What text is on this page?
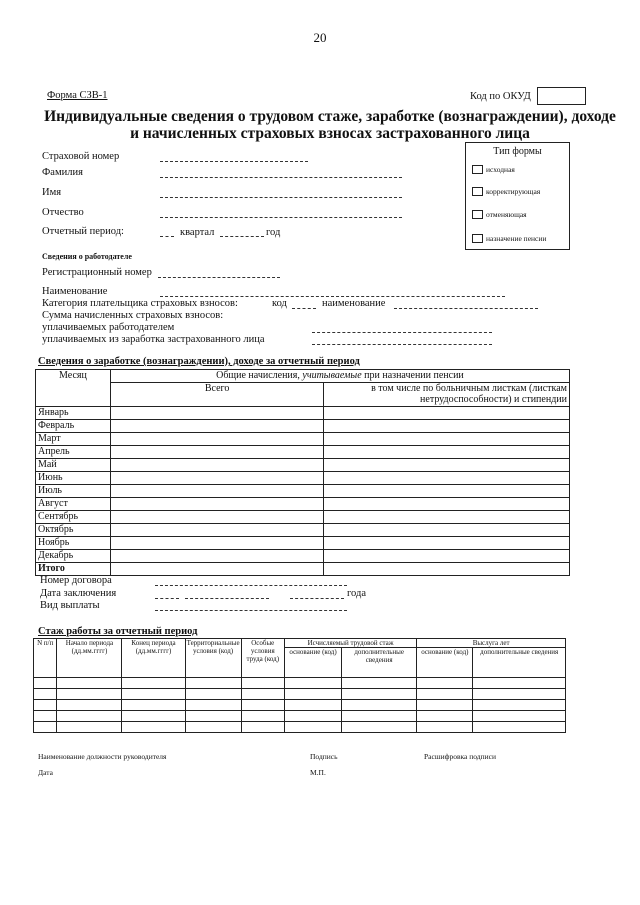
20
Форма СЗВ-1	Код по ОКУД
Индивидуальные сведения о трудовом стаже, заработке (вознаграждении), доходе
и начисленных страховых взносах застрахованного лица
Страховой номер
Фамилия
Имя
Отчество
Отчетный период:	квартал	год
Тип формы
исходная
корректирующая
отменяющая
назначение пенсии
Сведения о работодателе
Регистрационный номер
Наименование
Категория плательщика страховых взносов:	код	наименование
Сумма начисленных страховых взносов:
уплачиваемых работодателем
уплачиваемых из заработка застрахованного лица
Сведения о заработке (вознаграждении), доходе за отчетный период
Месяц	Общие начисления, учитываемые при назначении пенсии	
	Всего	в том числе по больничным листкам (листкам нетрудоспособности) и стипендии
Январь		
Февраль		
Март		
Апрель		
Май		
Июнь		
Июль		
Август		
Сентябрь		
Октябрь		
Ноябрь		
Декабрь		
Итого		
Номер договора
Дата заключения	года
Вид выплаты
Стаж работы за отчетный период
N п/п	Начало периода (дд.мм.гггг)	Конец периода (дд.мм.гггг)	Территориальные условия (код)	Особые условия труда (код)	Исчисляемый трудовой стаж		Выслуга лет	
					основание (код)	дополнительные сведения	основание (код)	дополнительные сведения

Наименование должности руководителя	Подпись	Расшифровка подписи
Дата	М.П.
